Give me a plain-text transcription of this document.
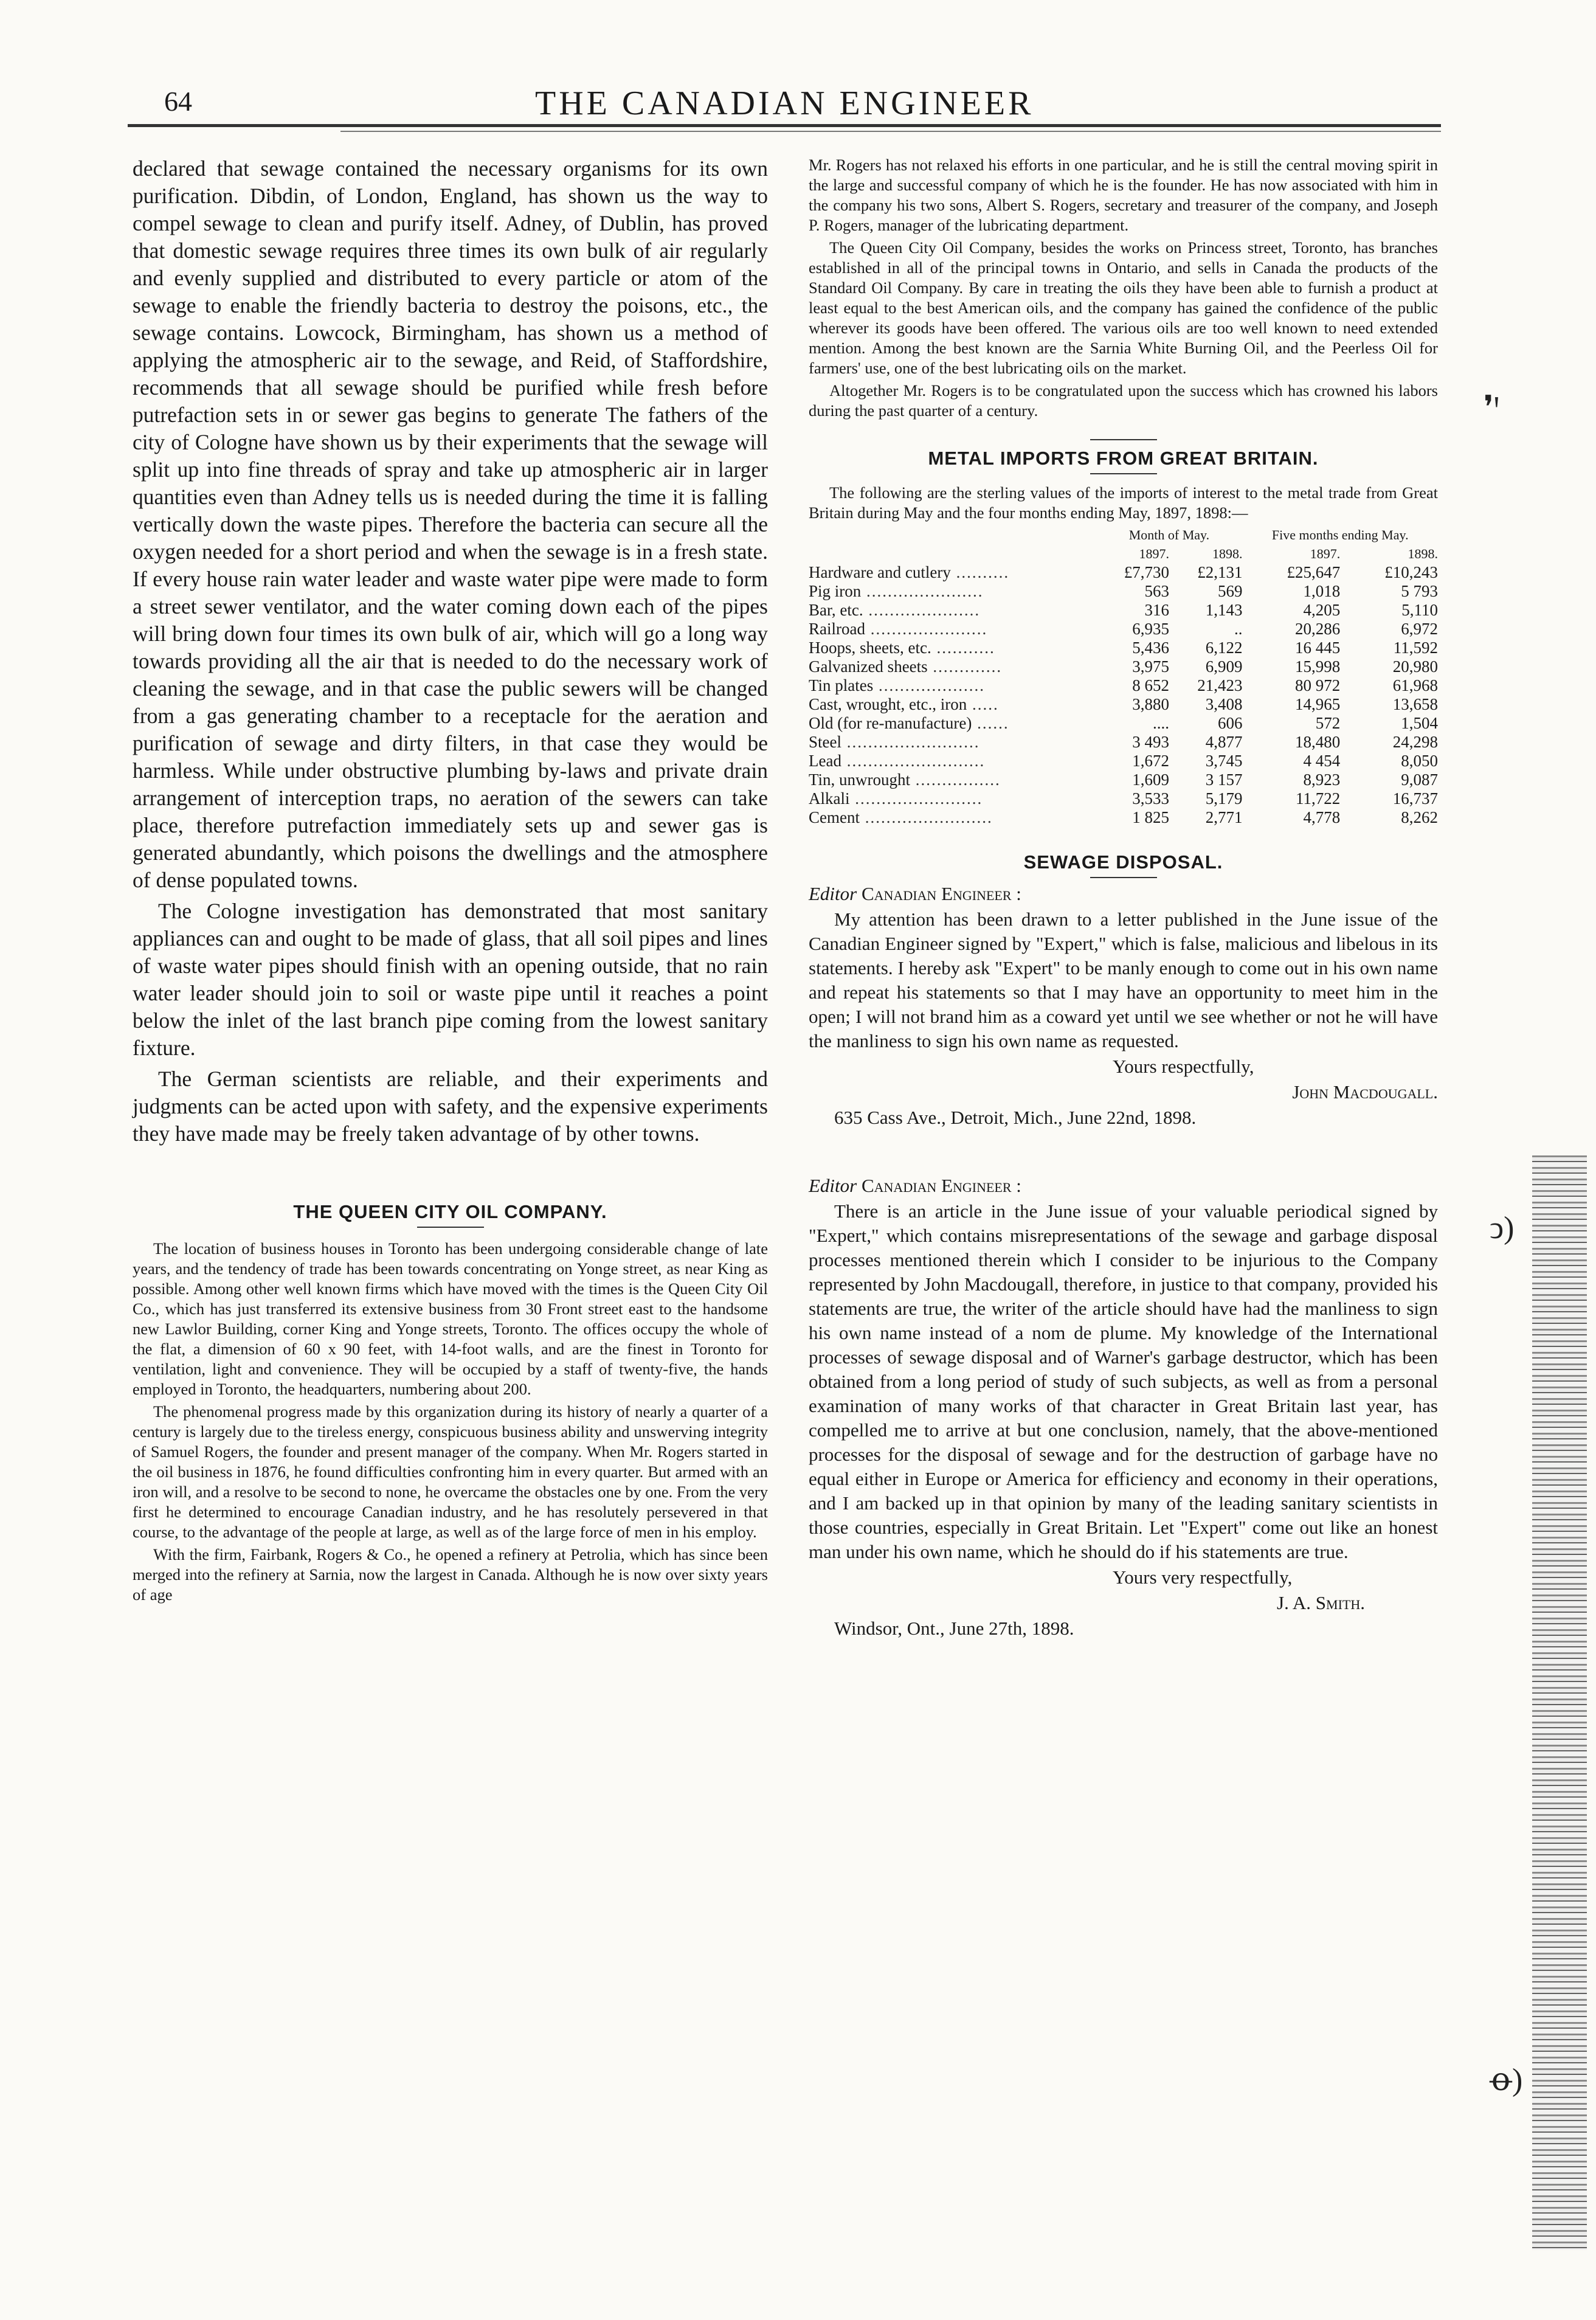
64	THE CANADIAN ENGINEER

declared that sewage contained the necessary organisms for its own purification. Dibdin, of London, England, has shown us the way to compel sewage to clean and purify itself. Adney, of Dublin, has proved that domestic sewage requires three times its own bulk of air regularly and evenly supplied and distributed to every particle or atom of the sewage to enable the friendly bacteria to destroy the poisons, etc., the sewage contains. Lowcock, Birmingham, has shown us a method of applying the atmospheric air to the sewage, and Reid, of Staffordshire, recommends that all sewage should be purified while fresh before putrefaction sets in or sewer gas begins to generate The fathers of the city of Cologne have shown us by their experiments that the sewage will split up into fine threads of spray and take up atmospheric air in larger quantities even than Adney tells us is needed during the time it is falling vertically down the waste pipes. Therefore the bacteria can secure all the oxygen needed for a short period and when the sewage is in a fresh state. If every house rain water leader and waste water pipe were made to form a street sewer ventilator, and the water coming down each of the pipes will bring down four times its own bulk of air, which will go a long way towards providing all the air that is needed to do the necessary work of cleaning the sewage, and in that case the public sewers will be changed from a gas generating chamber to a receptacle for the aeration and purification of sewage and dirty filters, in that case they would be harmless. While under obstructive plumbing by-laws and private drain arrangement of interception traps, no aeration of the sewers can take place, therefore putrefaction immediately sets up and sewer gas is generated abundantly, which poisons the dwellings and the atmosphere of dense populated towns.

The Cologne investigation has demonstrated that most sanitary appliances can and ought to be made of glass, that all soil pipes and lines of waste water pipes should finish with an opening outside, that no rain water leader should join to soil or waste pipe until it reaches a point below the inlet of the last branch pipe coming from the lowest sanitary fixture.

The German scientists are reliable, and their experiments and judgments can be acted upon with safety, and the expensive experiments they have made may be freely taken advantage of by other towns.

THE QUEEN CITY OIL COMPANY.

The location of business houses in Toronto has been undergoing considerable change of late years, and the tendency of trade has been towards concentrating on Yonge street, as near King as possible. Among other well known firms which have moved with the times is the Queen City Oil Co., which has just transferred its extensive business from 30 Front street east to the handsome new Lawlor Building, corner King and Yonge streets, Toronto. The offices occupy the whole of the flat, a dimension of 60 x 90 feet, with 14-foot walls, and are the finest in Toronto for ventilation, light and convenience. They will be occupied by a staff of twenty-five, the hands employed in Toronto, the headquarters, numbering about 200.

The phenomenal progress made by this organization during its history of nearly a quarter of a century is largely due to the tireless energy, conspicuous business ability and unswerving integrity of Samuel Rogers, the founder and present manager of the company. When Mr. Rogers started in the oil business in 1876, he found difficulties confronting him in every quarter. But armed with an iron will, and a resolve to be second to none, he overcame the obstacles one by one. From the very first he determined to encourage Canadian industry, and he has resolutely persevered in that course, to the advantage of the people at large, as well as of the large force of men in his employ.

With the firm, Fairbank, Rogers & Co., he opened a refinery at Petrolia, which has since been merged into the refinery at Sarnia, now the largest in Canada. Although he is now over sixty years of age

Mr. Rogers has not relaxed his efforts in one particular, and he is still the central moving spirit in the large and successful company of which he is the founder. He has now associated with him in the company his two sons, Albert S. Rogers, secretary and treasurer of the company, and Joseph P. Rogers, manager of the lubricating department.

The Queen City Oil Company, besides the works on Princess street, Toronto, has branches established in all of the principal towns in Ontario, and sells in Canada the products of the Standard Oil Company. By care in treating the oils they have been able to furnish a product at least equal to the best American oils, and the company has gained the confidence of the public wherever its goods have been offered. The various oils are too well known to need extended mention. Among the best known are the Sarnia White Burning Oil, and the Peerless Oil for farmers' use, one of the best lubricating oils on the market.

Altogether Mr. Rogers is to be congratulated upon the success which has crowned his labors during the past quarter of a century.

METAL IMPORTS FROM GREAT BRITAIN.

The following are the sterling values of the imports of interest to the metal trade from Great Britain during May and the four months ending May, 1897, 1898:—

	Month of May.		Five months ending May.	
	1897.	1898.	1897.	1898.
Hardware and cutlery ..........	£7,730	£2,131	£25,647	£10,243
Pig iron ......................	563	569	1,018	5 793
Bar, etc. .....................	316	1,143	4,205	5,110
Railroad ......................	6,935	..	20,286	6,972
Hoops, sheets, etc. ...........	5,436	6,122	16 445	11,592
Galvanized sheets .............	3,975	6,909	15,998	20,980
Tin plates ....................	8 652	21,423	80 972	61,968
Cast, wrought, etc., iron .....	3,880	3,408	14,965	13,658
Old (for re-manufacture) ......	....	606	572	1,504
Steel .........................	3 493	4,877	18,480	24,298
Lead ..........................	1,672	3,745	4 454	8,050
Tin, unwrought ................	1,609	3 157	8,923	9,087
Alkali ........................	3,533	5,179	11,722	16,737
Cement ........................	1 825	2,771	4,778	8,262
SEWAGE DISPOSAL.

Editor Canadian Engineer :

My attention has been drawn to a letter published in the June issue of the Canadian Engineer signed by "Expert," which is false, malicious and libelous in its statements. I hereby ask "Expert" to be manly enough to come out in his own name and repeat his statements so that I may have an opportunity to meet him in the open; I will not brand him as a coward yet until we see whether or not he will have the manliness to sign his own name as requested.

Yours respectfully,

John Macdougall.

635 Cass Ave., Detroit, Mich., June 22nd, 1898.

Editor Canadian Engineer :

There is an article in the June issue of your valuable periodical signed by "Expert," which contains misrepresentations of the sewage and garbage disposal processes mentioned therein which I consider to be injurious to the Company represented by John Macdougall, therefore, in justice to that company, provided his statements are true, the writer of the article should have had the manliness to sign his own name instead of a nom de plume. My knowledge of the International processes of sewage disposal and of Warner's garbage destructor, which has been obtained from a long period of study of such subjects, as well as from a personal examination of many works of that character in Great Britain last year, has compelled me to arrive at but one conclusion, namely, that the above-mentioned processes for the disposal of sewage and for the destruction of garbage have no equal either in Europe or America for efficiency and economy in their operations, and I am backed up in that opinion by many of the leading sanitary scientists in those countries, especially in Great Britain. Let "Expert" come out like an honest man under his own name, which he should do if his statements are true.

Yours very respectfully,

J. A. Smith.

Windsor, Ont., June 27th, 1898.

❜ꞌ
ↄ)
ꝋ)
